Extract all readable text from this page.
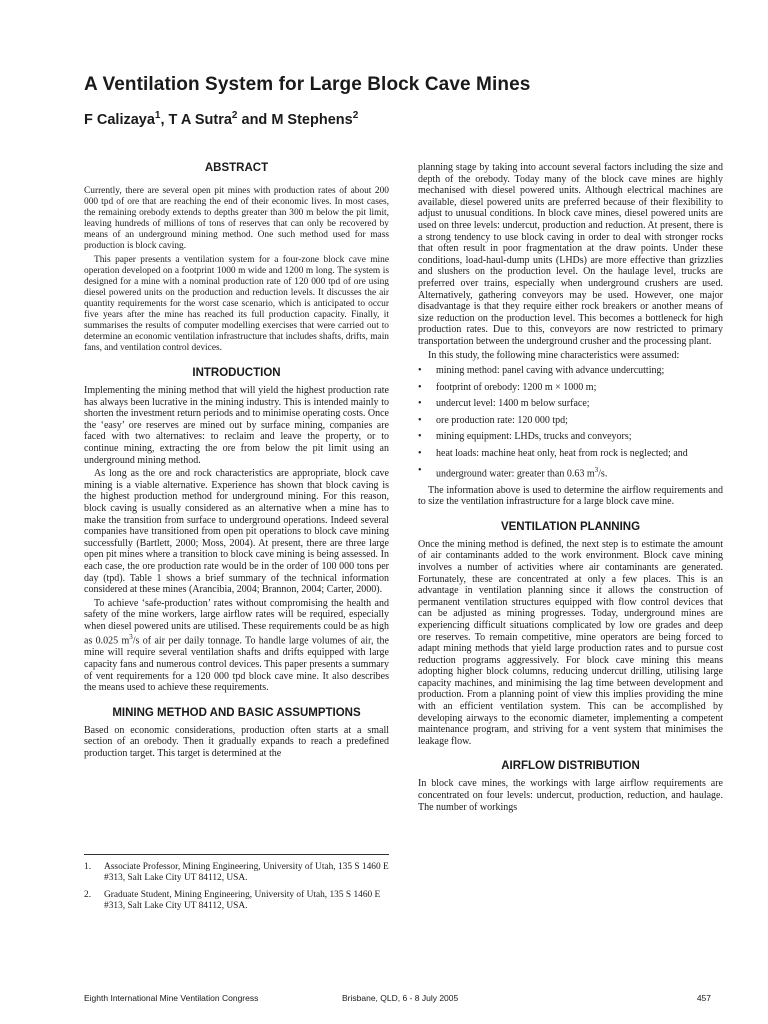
A Ventilation System for Large Block Cave Mines
F Calizaya$^1$, T A Sutra$^2$ and M Stephens$^2$
ABSTRACT

Currently, there are several open pit mines with production rates of about 200 000 tpd of ore that are reaching the end of their economic lives. In most cases, the remaining orebody extends to depths greater than 300 m below the pit limit, leaving hundreds of millions of tons of reserves that can only be recovered by means of an underground mining method. One such method used for mass production is block caving.

This paper presents a ventilation system for a four-zone block cave mine operation developed on a footprint 1000 m wide and 1200 m long. The system is designed for a mine with a nominal production rate of 120 000 tpd of ore using diesel powered units on the production and reduction levels. It discusses the air quantity requirements for the worst case scenario, which is anticipated to occur five years after the mine has reached its full production capacity. Finally, it summarises the results of computer modelling exercises that were carried out to determine an economic ventilation infrastructure that includes shafts, drifts, main fans, and ventilation control devices.

INTRODUCTION

Implementing the mining method that will yield the highest production rate has always been lucrative in the mining industry. This is intended mainly to shorten the investment return periods and to minimise operating costs. Once the ‘easy’ ore reserves are mined out by surface mining, companies are faced with two alternatives: to reclaim and leave the property, or to continue mining, extracting the ore from below the pit limit using an underground mining method.

As long as the ore and rock characteristics are appropriate, block cave mining is a viable alternative. Experience has shown that block caving is the highest production method for underground mining. For this reason, block caving is usually considered as an alternative when a mine has to make the transition from surface to underground operations. Indeed several companies have transitioned from open pit operations to block cave mining successfully (Bartlett, 2000; Moss, 2004). At present, there are three large open pit mines where a transition to block cave mining is being assessed. In each case, the ore production rate would be in the order of 100 000 tons per day (tpd). Table 1 shows a brief summary of the technical information considered at these mines (Arancibia, 2004; Brannon, 2004; Carter, 2000).

To achieve ‘safe-production’ rates without compromising the health and safety of the mine workers, large airflow rates will be required, especially when diesel powered units are utilised. These requirements could be as high as 0.025 $m^3/s$ of air per daily tonnage. To handle large volumes of air, the mine will require several ventilation shafts and drifts equipped with large capacity fans and numerous control devices. This paper presents a summary of vent requirements for a 120 000 tpd block cave mine. It also describes the means used to achieve these requirements.

MINING METHOD AND BASIC ASSUMPTIONS

Based on economic considerations, production often starts at a small section of an orebody. Then it gradually expands to reach a predefined production target. This target is determined at the

1.	Associate Professor, Mining Engineering, University of Utah, 135 S 1460 E #313, Salt Lake City UT 84112, USA.
2.	Graduate Student, Mining Engineering, University of Utah, 135 S 1460 E #313, Salt Lake City UT 84112, USA.

planning stage by taking into account several factors including the size and depth of the orebody. Today many of the block cave mines are highly mechanised with diesel powered units. Although electrical machines are available, diesel powered units are preferred because of their flexibility to adjust to unusual conditions. In block cave mines, diesel powered units are used on three levels: undercut, production and reduction. At present, there is a strong tendency to use block caving in order to deal with stronger rocks that often result in poor fragmentation at the draw points. Under these conditions, load-haul-dump units (LHDs) are more effective than grizzlies and slushers on the production level. On the haulage level, trucks are preferred over trains, especially when underground crushers are used. Alternatively, gathering conveyors may be used. However, one major disadvantage is that they require either rock breakers or another means of size reduction on the production level. This becomes a bottleneck for high production rates. Due to this, conveyors are now restricted to primary transportation between the underground crusher and the processing plant.

In this study, the following mine characteristics were assumed:

• mining method: panel caving with advance undercutting;
• footprint of orebody: 1200 m × 1000 m;
• undercut level: 1400 m below surface;
• ore production rate: 120 000 tpd;
• mining equipment: LHDs, trucks and conveyors;
• heat loads: machine heat only, heat from rock is neglected; and
• underground water: greater than 0.63 $m^3/s$.

The information above is used to determine the airflow requirements and to size the ventilation infrastructure for a large block cave mine.

VENTILATION PLANNING

Once the mining method is defined, the next step is to estimate the amount of air contaminants added to the work environment. Block cave mining involves a number of activities where air contaminants are generated. Fortunately, these are concentrated at only a few places. This is an advantage in ventilation planning since it allows the construction of permanent ventilation structures equipped with flow control devices that can be adjusted as mining progresses. Today, underground mines are experiencing difficult situations complicated by low ore grades and deep ore reserves. To remain competitive, mine operators are being forced to adapt mining methods that yield large production rates and to pursue cost reduction programs aggressively. For block cave mining this means adopting higher block columns, reducing undercut drilling, utilising large capacity machines, and minimising the lag time between development and production. From a planning point of view this implies providing the mine with an efficient ventilation system. This can be accomplished by developing airways to the economic diameter, implementing a competent maintenance program, and striving for a vent system that minimises the leakage flow.

AIRFLOW DISTRIBUTION

In block cave mines, the workings with large airflow requirements are concentrated on four levels: undercut, production, reduction, and haulage. The number of workings

Eighth International Mine Ventilation Congress	Brisbane, QLD, 6 - 8 July 2005	457
